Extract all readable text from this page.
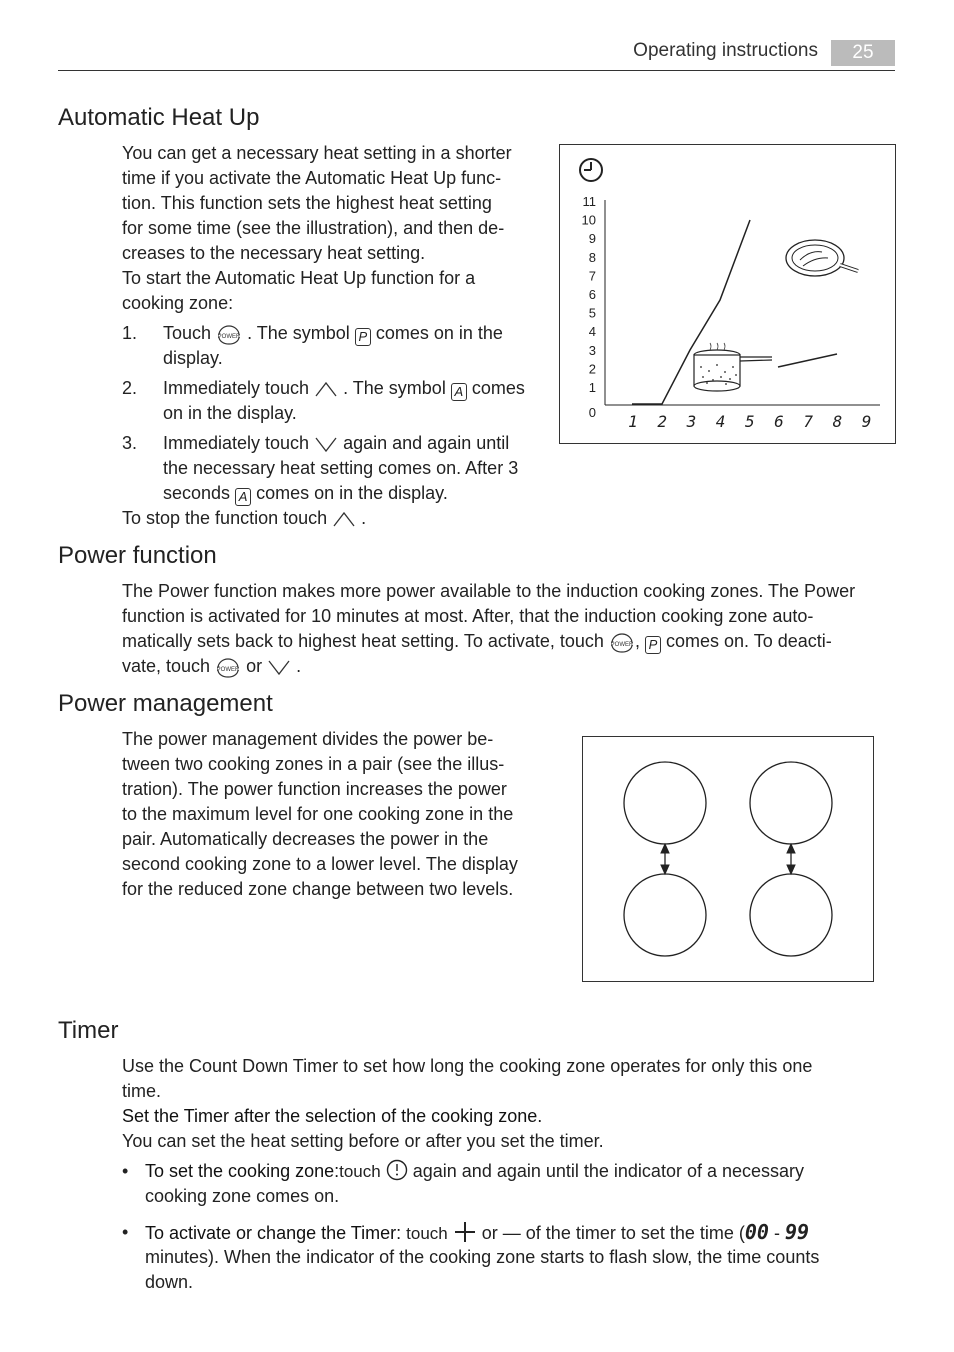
Operating instructions	25
Automatic Heat Up
You can get a necessary heat setting in a shorter
time if you activate the Automatic Heat Up func-
tion. This function sets the highest heat setting
for some time (see the illustration), and then de-
creases to the necessary heat setting.
To start the Automatic Heat Up function for a
cooking zone:
1. Touch POWER . The symbol P comes on in the
display.
2. Immediately touch . The symbol A comes
on in the display.
3. Immediately touch again and again until
the necessary heat setting comes on. After 3
seconds A comes on in the display.
To stop the function touch .
0
1
2
3
4
5
6
7
8
9
10
11
1 2 3 4 5 6 7 8 9
Power function
The Power function makes more power available to the induction cooking zones. The Power
function is activated for 10 minutes at most. After, that the induction cooking zone auto-
matically sets back to highest heat setting. To activate, touch POWER , P comes on. To deacti-
vate, touch POWER or .
Power management
The power management divides the power be-
tween two cooking zones in a pair (see the illus-
tration). The power function increases the power
to the maximum level for one cooking zone in the
pair. Automatically decreases the power in the
second cooking zone to a lower level. The display
for the reduced zone change between two levels.
Timer
Use the Count Down Timer to set how long the cooking zone operates for only this one
time.
Set the Timer after the selection of the cooking zone.
You can set the heat setting before or after you set the timer.
• To set the cooking zone:touch again and again until the indicator of a necessary
cooking zone comes on.
• To activate or change the Timer: touch or — of the timer to set the time (00 - 99
minutes). When the indicator of the cooking zone starts to flash slow, the time counts
down.
